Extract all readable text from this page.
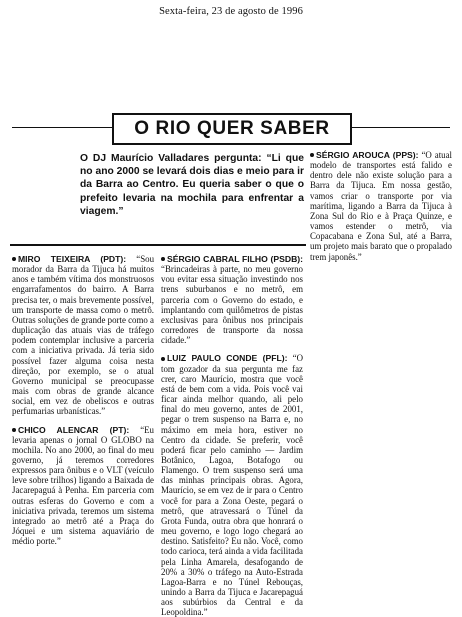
Sexta-feira, 23 de agosto de 1996
O RIO QUER SABER
O DJ Maurício Valladares pergunta: “Li que no ano 2000 se levará dois dias e meio para ir da Barra ao Centro. Eu queria saber o que o prefeito levaria na mochila para enfrentar a viagem.”

MIRO TEIXEIRA (PDT): “Sou morador da Barra da Tijuca há muitos anos e também vítima dos monstruosos engarrafamentos do bairro. A Barra precisa ter, o mais brevemente possível, um transporte de massa como o metrô. Outras soluções de grande porte como a duplicação das atuais vias de tráfego podem contemplar inclusive a parceria com a iniciativa privada. Já teria sido possível fazer alguma coisa nesta direção, por exemplo, se o atual Governo municipal se preocupasse mais com obras de grande alcance social, em vez de obeliscos e outras perfumarias urbanísticas.”

CHICO ALENCAR (PT): “Eu levaria apenas o jornal O GLOBO na mochila. No ano 2000, ao final do meu governo, já teremos corredores expressos para ônibus e o VLT (veículo leve sobre trilhos) ligando a Baixada de Jacarepaguá à Penha. Em parceria com outras esferas do Governo e com a iniciativa privada, teremos um sistema integrado ao metrô até a Praça do Jóquei e um sistema aquaviário de médio porte.”

SÉRGIO CABRAL FILHO (PSDB): “Brincadeiras à parte, no meu governo vou evitar essa situação investindo nos trens suburbanos e no metrô, em parceria com o Governo do estado, e implantando com quilômetros de pistas exclusivas para ônibus nos principais corredores de transporte da nossa cidade.”

LUIZ PAULO CONDE (PFL): “O tom gozador da sua pergunta me faz crer, caro Maurício, mostra que você está de bem com a vida. Pois você vai ficar ainda melhor quando, ali pelo final do meu governo, antes de 2001, pegar o trem suspenso na Barra e, no máximo em meia hora, estiver no Centro da cidade. Se preferir, você poderá ficar pelo caminho — Jardim Botânico, Lagoa, Botafogo ou Flamengo. O trem suspenso será uma das minhas principais obras. Agora, Maurício, se em vez de ir para o Centro você for para a Zona Oeste, pegará o metrô, que atravessará o Túnel da Grota Funda, outra obra que honrará o meu governo, e logo logo chegará ao destino. Satisfeito? Eu não. Você, como todo carioca, terá ainda a vida facilitada pela Linha Amarela, desafogando de 20% a 30% o tráfego na Auto-Estrada Lagoa-Barra e no Túnel Rebouças, unindo a Barra da Tijuca e Jacarepaguá aos subúrbios da Central e da Leopoldina.”

SÉRGIO AROUCA (PPS): “O atual modelo de transportes está falido e dentro dele não existe solução para a Barra da Tijuca. Em nossa gestão, vamos criar o transporte por via marítima, ligando a Barra da Tijuca à Zona Sul do Rio e à Praça Quinze, e vamos estender o metrô, via Copacabana e Zona Sul, até a Barra, um projeto mais barato que o propalado trem japonês.”
